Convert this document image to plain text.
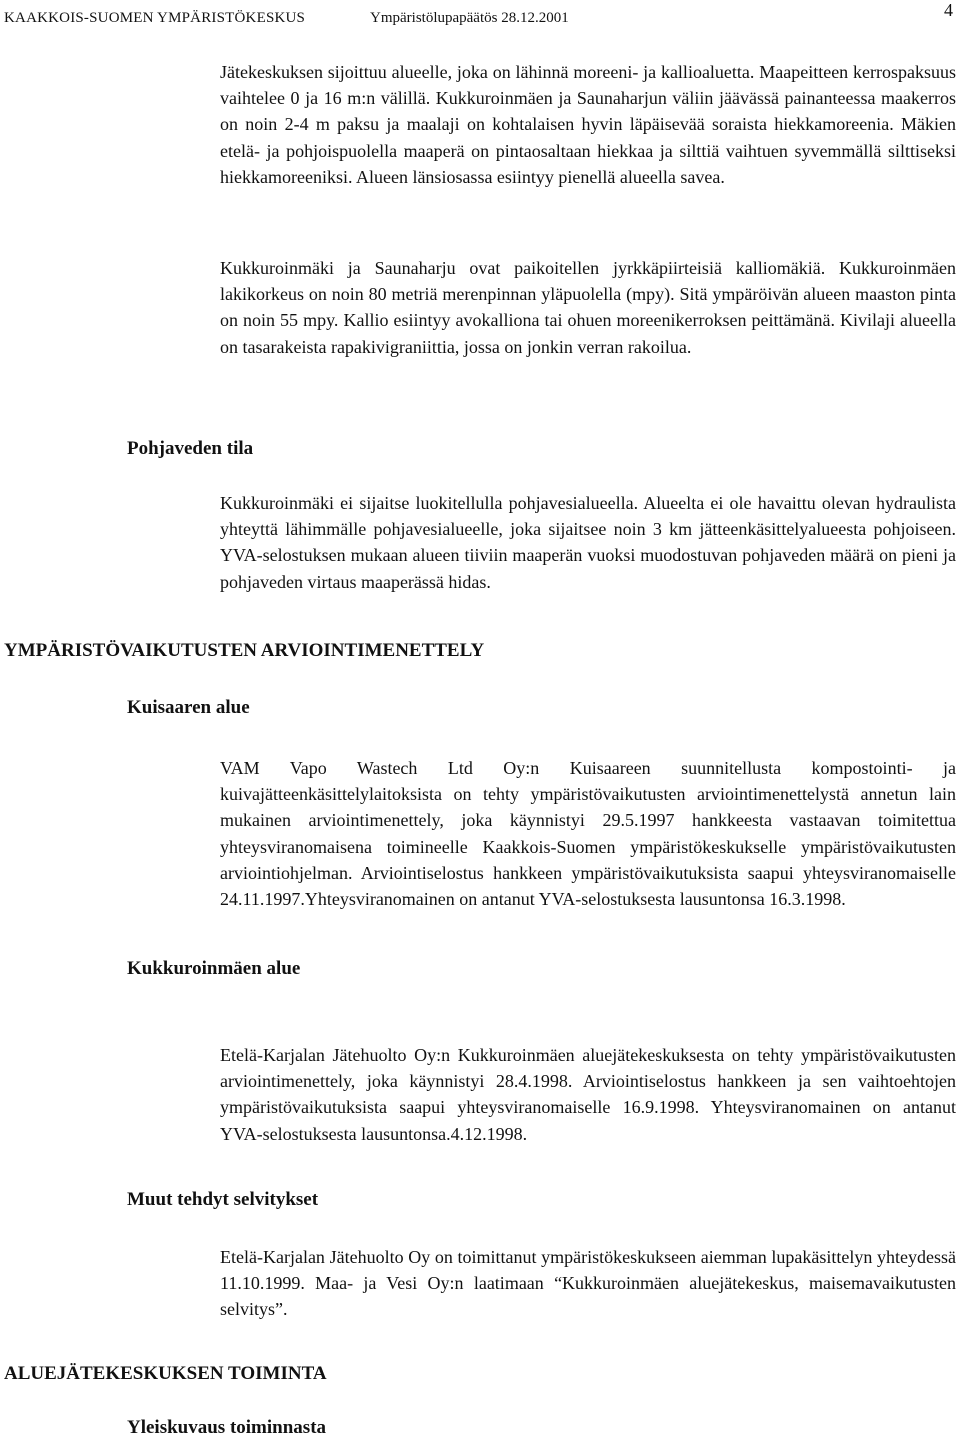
KAAKKOIS-SUOMEN YMPÄRISTÖKESKUS	Ympäristölupapäätös 28.12.2001	4

Jätekeskuksen sijoittuu alueelle, joka on lähinnä moreeni- ja kallioaluetta. Maapeitteen kerrospaksuus vaihtelee 0 ja 16 m:n välillä. Kukkuroinmäen ja Saunaharjun väliin jäävässä painanteessa maakerros on noin 2-4 m paksu ja maalaji on kohtalaisen hyvin läpäisevää soraista hiekkamoreenia. Mäkien etelä- ja pohjoispuolella maaperä on pintaosaltaan hiekkaa ja silttiä vaihtuen syvemmällä silttiseksi hiekkamoreeniksi. Alueen länsiosassa esiintyy pienellä alueella savea.

Kukkuroinmäki ja Saunaharju ovat paikoitellen jyrkkäpiirteisiä kalliomäkiä. Kukkuroinmäen lakikorkeus on noin 80 metriä merenpinnan yläpuolella (mpy). Sitä ympäröivän alueen maaston pinta on noin 55 mpy. Kallio esiintyy avokalliona tai ohuen moreenikerroksen peittämänä. Kivilaji alueella on tasarakeista rapakivigraniittia, jossa on jonkin verran rakoilua.

Pohjaveden tila

Kukkuroinmäki ei sijaitse luokitellulla pohjavesialueella. Alueelta ei ole havaittu olevan hydraulista yhteyttä lähimmälle pohjavesialueelle, joka sijaitsee noin 3 km jätteenkäsittelyalueesta pohjoiseen. YVA-selostuksen mukaan alueen tiiviin maaperän vuoksi muodostuvan pohjaveden määrä on pieni ja pohjaveden virtaus maaperässä hidas.

YMPÄRISTÖVAIKUTUSTEN ARVIOINTIMENETTELY
Kuisaaren alue

VAM Vapo Wastech Ltd Oy:n Kuisaareen suunnitellusta kompostointi- ja kuivajätteenkäsittelylaitoksista on tehty ympäristövaikutusten arviointimenettelystä annetun lain mukainen arviointimenettely, joka käynnistyi 29.5.1997 hankkeesta vastaavan toimitettua yhteysviranomaisena toimineelle Kaakkois-Suomen ympäristökeskukselle ympäristövaikutusten arviointiohjelman. Arviointiselostus hankkeen ympäristövaikutuksista saapui yhteysviranomaiselle 24.11.1997.Yhteysviranomainen on antanut YVA-selostuksesta lausuntonsa 16.3.1998.

Kukkuroinmäen alue

Etelä-Karjalan Jätehuolto Oy:n Kukkuroinmäen aluejätekeskuksesta on tehty ympäristövaikutusten arviointimenettely, joka käynnistyi 28.4.1998. Arviointiselostus hankkeen ja sen vaihtoehtojen ympäristövaikutuksista saapui yhteysviranomaiselle 16.9.1998. Yhteysviranomainen on antanut YVA-selostuksesta lausuntonsa.4.12.1998.

Muut tehdyt selvitykset

Etelä-Karjalan Jätehuolto Oy on toimittanut ympäristökeskukseen aiemman lupakäsittelyn yhteydessä 11.10.1999. Maa- ja Vesi Oy:n laatimaan “Kukkuroinmäen aluejätekeskus, maisemavaikutusten selvitys”.

ALUEJÄTEKESKUKSEN TOIMINTA
Yleiskuvaus toiminnasta
